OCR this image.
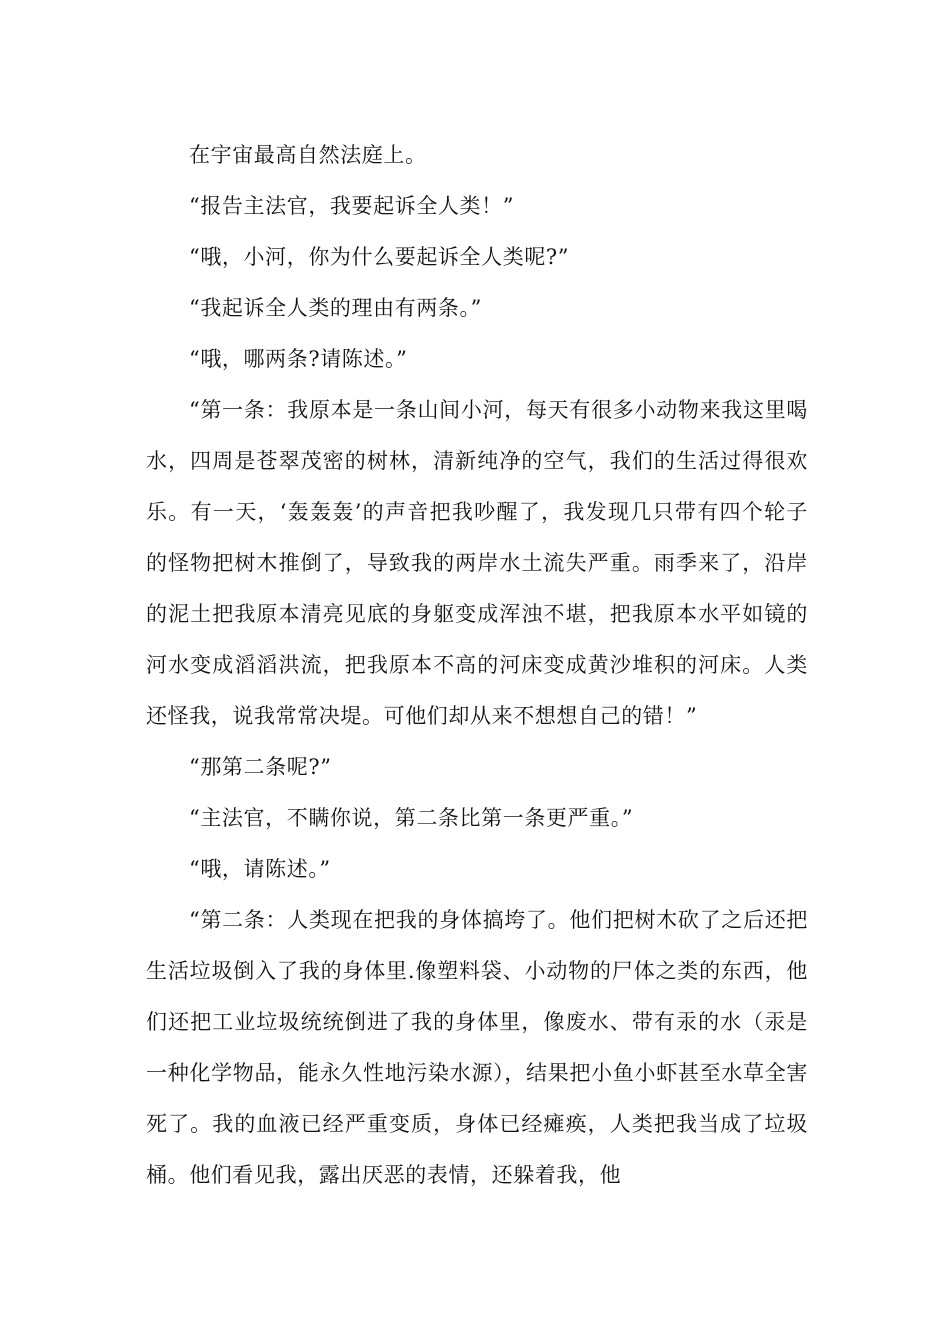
在宇宙最高自然法庭上。

“报告主法官，我要起诉全人类！”

“哦，小河，你为什么要起诉全人类呢?”

“我起诉全人类的理由有两条。”

“哦，哪两条?请陈述。”

“第一条：我原本是一条山间小河，每天有很多小动物来我这里喝水，四周是苍翠茂密的树林，清新纯净的空气，我们的生活过得很欢乐。有一天，‘轰轰轰’的声音把我吵醒了，我发现几只带有四个轮子的怪物把树木推倒了，导致我的两岸水土流失严重。雨季来了，沿岸的泥土把我原本清亮见底的身躯变成浑浊不堪，把我原本水平如镜的河水变成滔滔洪流，把我原本不高的河床变成黄沙堆积的河床。人类还怪我，说我常常决堤。可他们却从来不想想自己的错！”

“那第二条呢?”

“主法官，不瞒你说，第二条比第一条更严重。”

“哦，请陈述。”

“第二条：人类现在把我的身体搞垮了。他们把树木砍了之后还把生活垃圾倒入了我的身体里.像塑料袋、小动物的尸体之类的东西，他们还把工业垃圾统统倒进了我的身体里，像废水、带有汞的水（汞是一种化学物品，能永久性地污染水源），结果把小鱼小虾甚至水草全害死了。我的血液已经严重变质，身体已经瘫痪，人类把我当成了垃圾桶。他们看见我，露出厌恶的表情，还躲着我，他
